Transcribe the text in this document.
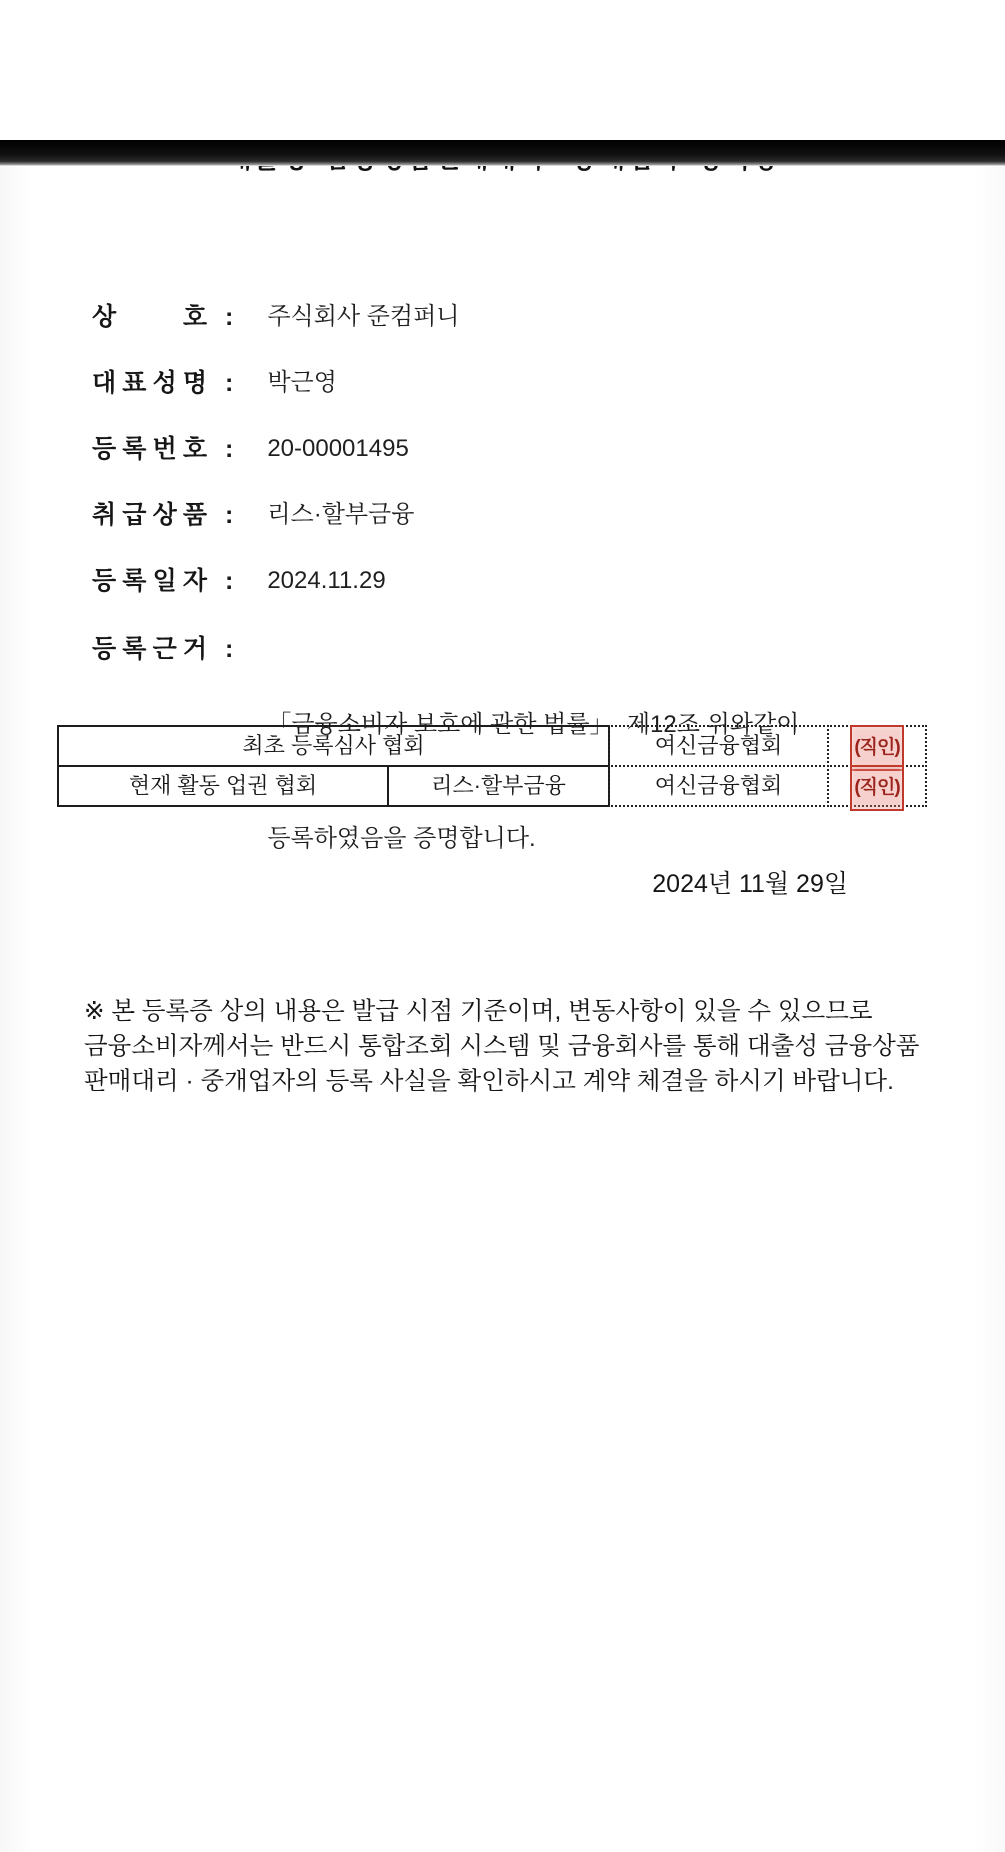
상	호 : 주식회사 준컴퍼니
대 표 성 명 : 박근영
등 록 번 호 : 20-00001495
취 급 상 품 : 리스·할부금융
등 록 일 자 : 2024.11.29
등 록 근 거 :

「금융소비자 보호에 관한 법률」  제12조 위와같이

등록하였음을 증명합니다.

최초 등록심사 협회
현재 활동 업권 협회	리스·할부금융
여신금융협회
여신금융협회
(직인)
(직인)
2024년 11월 29일

※ 본 등록증 상의 내용은 발급 시점 기준이며, 변동사항이 있을 수 있으므로 금융소비자께서는 반드시 통합조회 시스템 및 금융회사를 통해 대출성 금융상품 판매대리 · 중개업자의 등록 사실을 확인하시고 계약 체결을 하시기 바랍니다.
